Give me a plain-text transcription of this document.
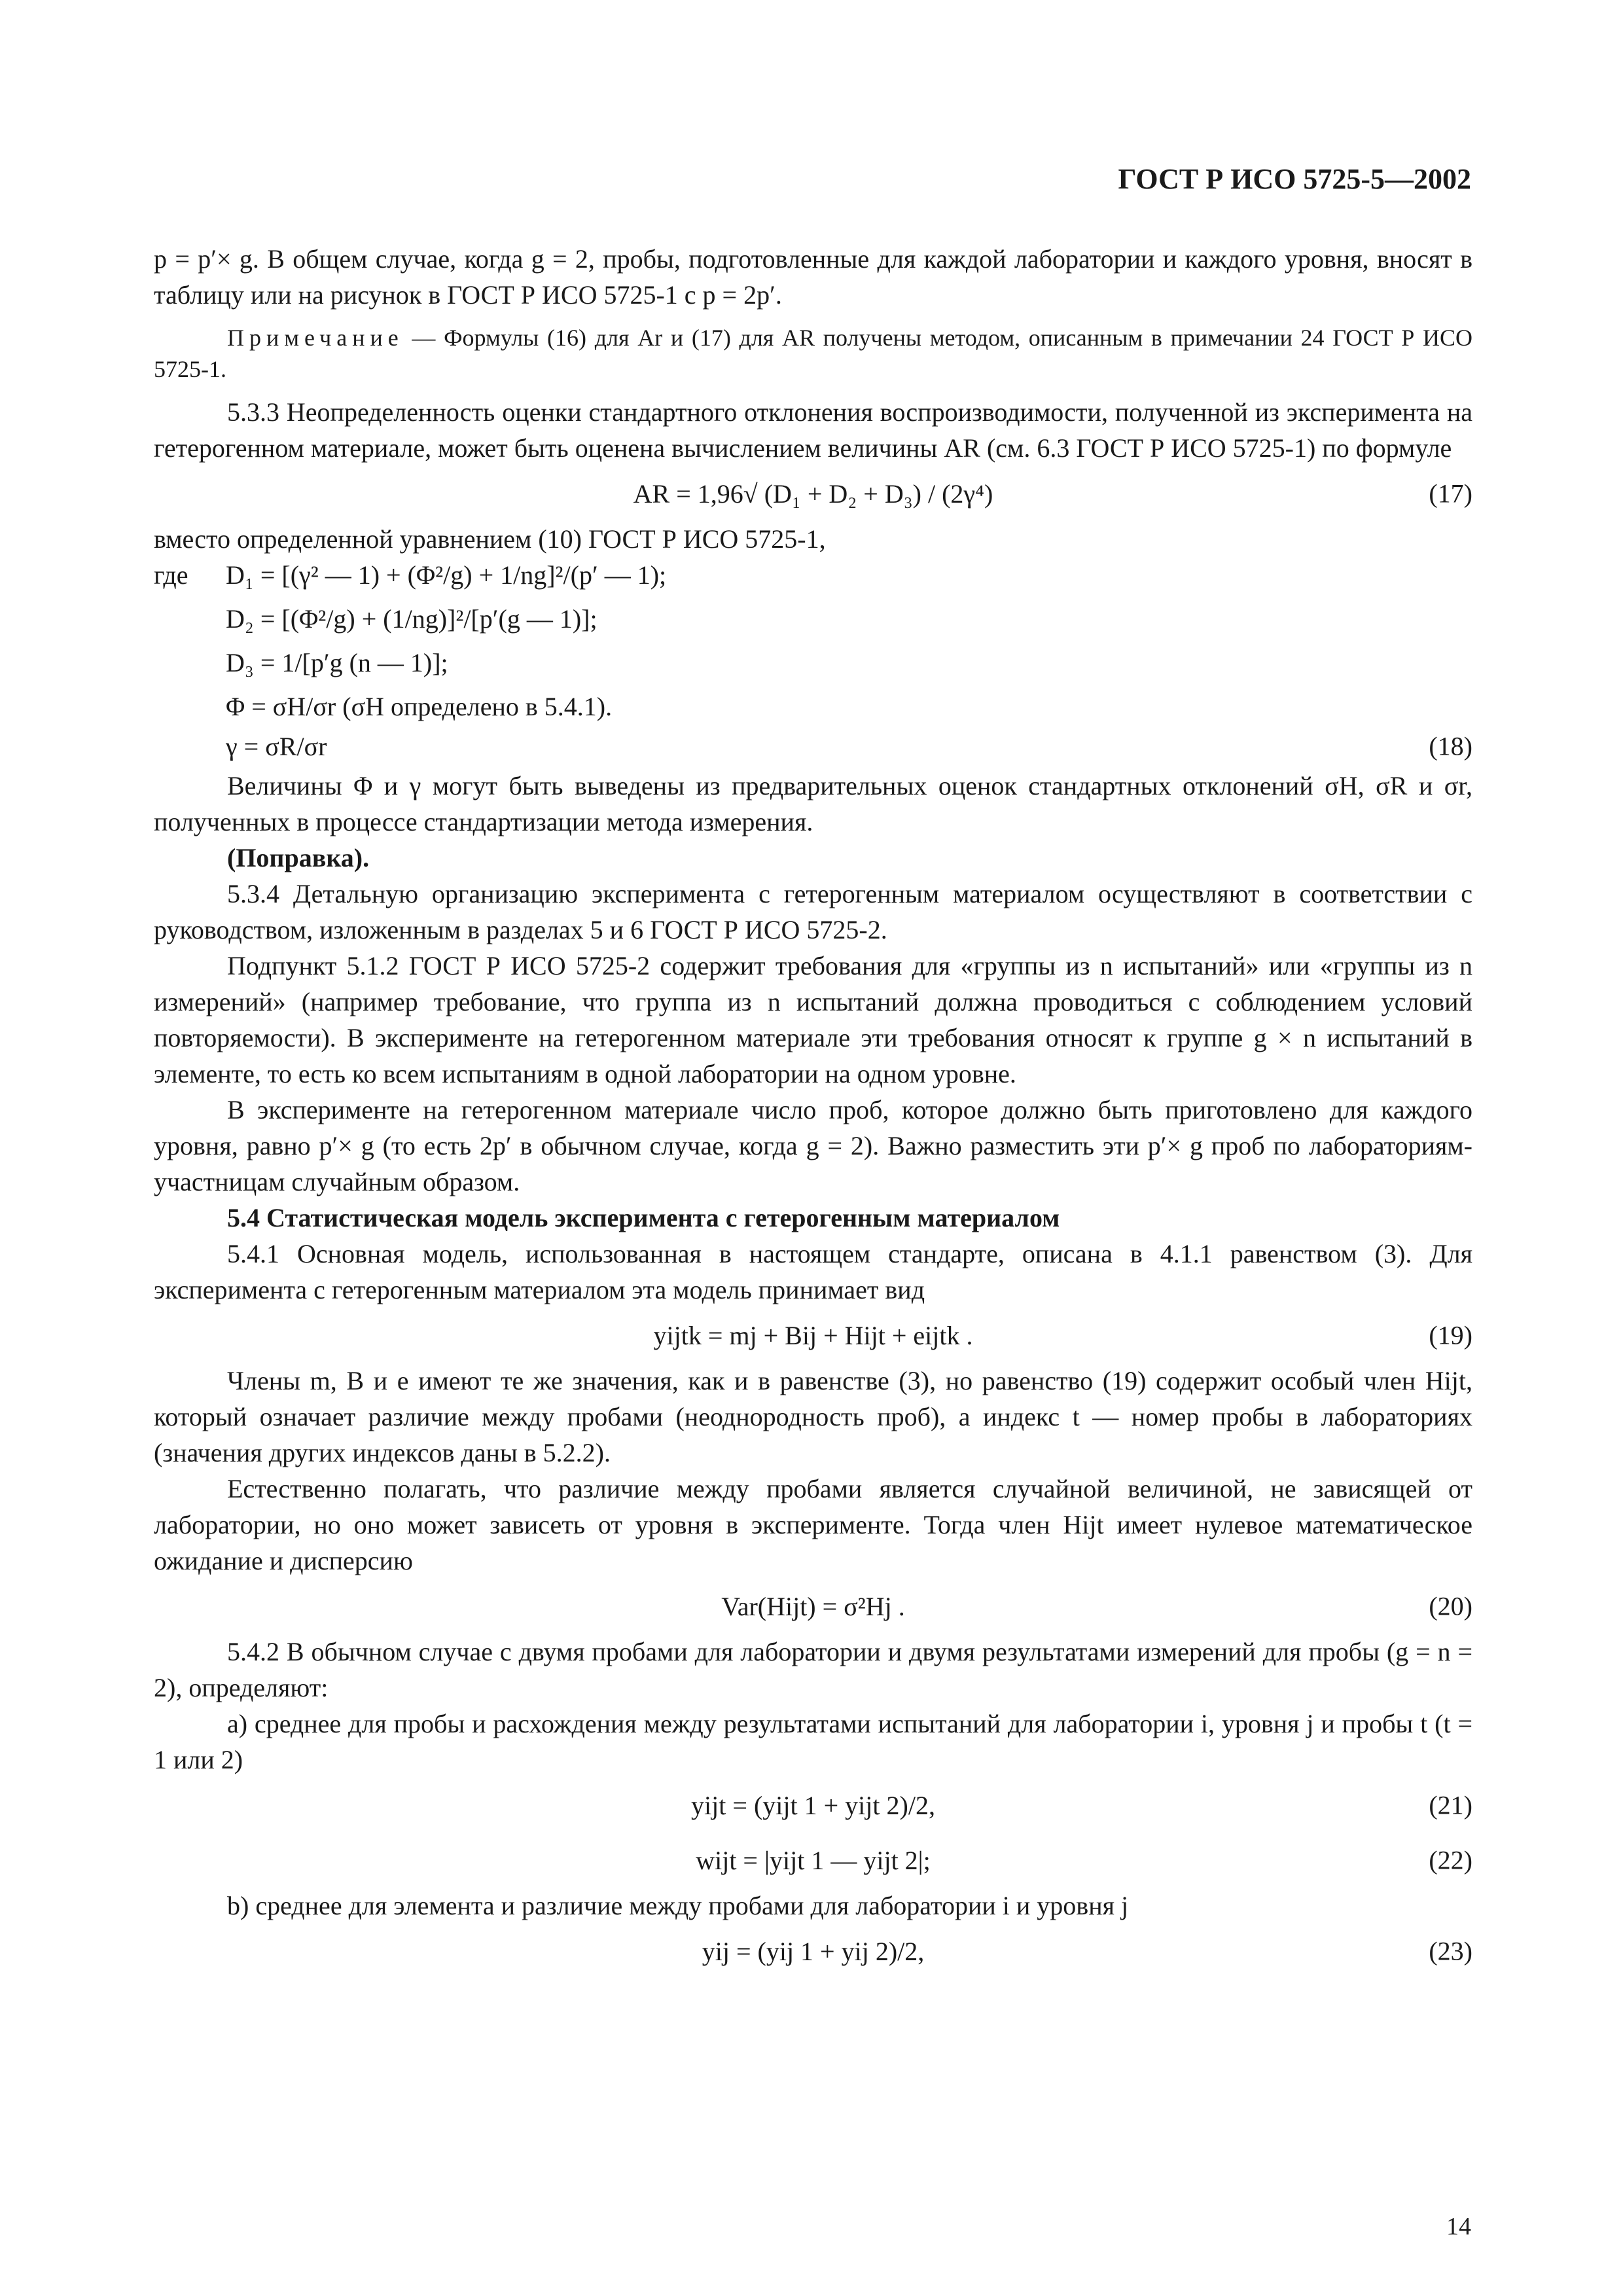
ГОСТ Р ИСО 5725-5—2002

p = p′× g. В общем случае, когда g = 2, пробы, подготовленные для каждой лаборатории и каждого уровня, вносят в таблицу или на рисунок в ГОСТ Р ИСО 5725-1 с p = 2p′.

Примечание — Формулы (16) для Ar и (17) для AR получены методом, описанным в примечании 24 ГОСТ Р ИСО 5725-1.

5.3.3 Неопределенность оценки стандартного отклонения воспроизводимости, полученной из эксперимента на гетерогенном материале, может быть оценена вычислением величины AR (см. 6.3 ГОСТ Р ИСО 5725-1) по формуле

AR = 1,96√ (D₁ + D₂ + D₃) / (2γ⁴)	(17)

вместо определенной уравнением (10) ГОСТ Р ИСО 5725-1,

где	D₁ = [(γ² — 1) + (Φ²/g) + 1/ng]²/(p′ — 1);

D₂ = [(Φ²/g) + (1/ng)]²/[p′(g — 1)];

D₃ = 1/[p′g (n — 1)];

Φ = σH/σr (σH определено в 5.4.1).

γ = σR/σr	(18)

Величины Φ и γ могут быть выведены из предварительных оценок стандартных отклонений σH, σR и σr, полученных в процессе стандартизации метода измерения.

(Поправка).

5.3.4 Детальную организацию эксперимента с гетерогенным материалом осуществляют в соответствии с руководством, изложенным в разделах 5 и 6 ГОСТ Р ИСО 5725-2.

Подпункт 5.1.2 ГОСТ Р ИСО 5725-2 содержит требования для «группы из n испытаний» или «группы из n измерений» (например требование, что группа из n испытаний должна проводиться с соблюдением условий повторяемости). В эксперименте на гетерогенном материале эти требования относят к группе g × n испытаний в элементе, то есть ко всем испытаниям в одной лаборатории на одном уровне.

В эксперименте на гетерогенном материале число проб, которое должно быть приготовлено для каждого уровня, равно p′× g (то есть 2p′ в обычном случае, когда g = 2). Важно разместить эти p′× g проб по лабораториям-участницам случайным образом.

5.4 Статистическая модель эксперимента с гетерогенным материалом

5.4.1 Основная модель, использованная в настоящем стандарте, описана в 4.1.1 равенством (3). Для эксперимента с гетерогенным материалом эта модель принимает вид

yijtk = mj + Bij + Hijt + eijtk .	(19)

Члены m, B и e имеют те же значения, как и в равенстве (3), но равенство (19) содержит особый член Hijt, который означает различие между пробами (неоднородность проб), а индекс t — номер пробы в лабораториях (значения других индексов даны в 5.2.2).

Естественно полагать, что различие между пробами является случайной величиной, не зависящей от лаборатории, но оно может зависеть от уровня в эксперименте. Тогда член Hijt имеет нулевое математическое ожидание и дисперсию

Var(Hijt) = σ²Hj .	(20)

5.4.2 В обычном случае с двумя пробами для лаборатории и двумя результатами измерений для пробы (g = n = 2), определяют:

а) среднее для пробы и расхождения между результатами испытаний для лаборатории i, уровня j и пробы t (t = 1 или 2)

yijt = (yijt 1 + yijt 2)/2,	(21)
wijt = |yijt 1 — yijt 2|;	(22)

b) среднее для элемента и различие между пробами для лаборатории i и уровня j

yij = (yij 1 + yij 2)/2,	(23)
14
